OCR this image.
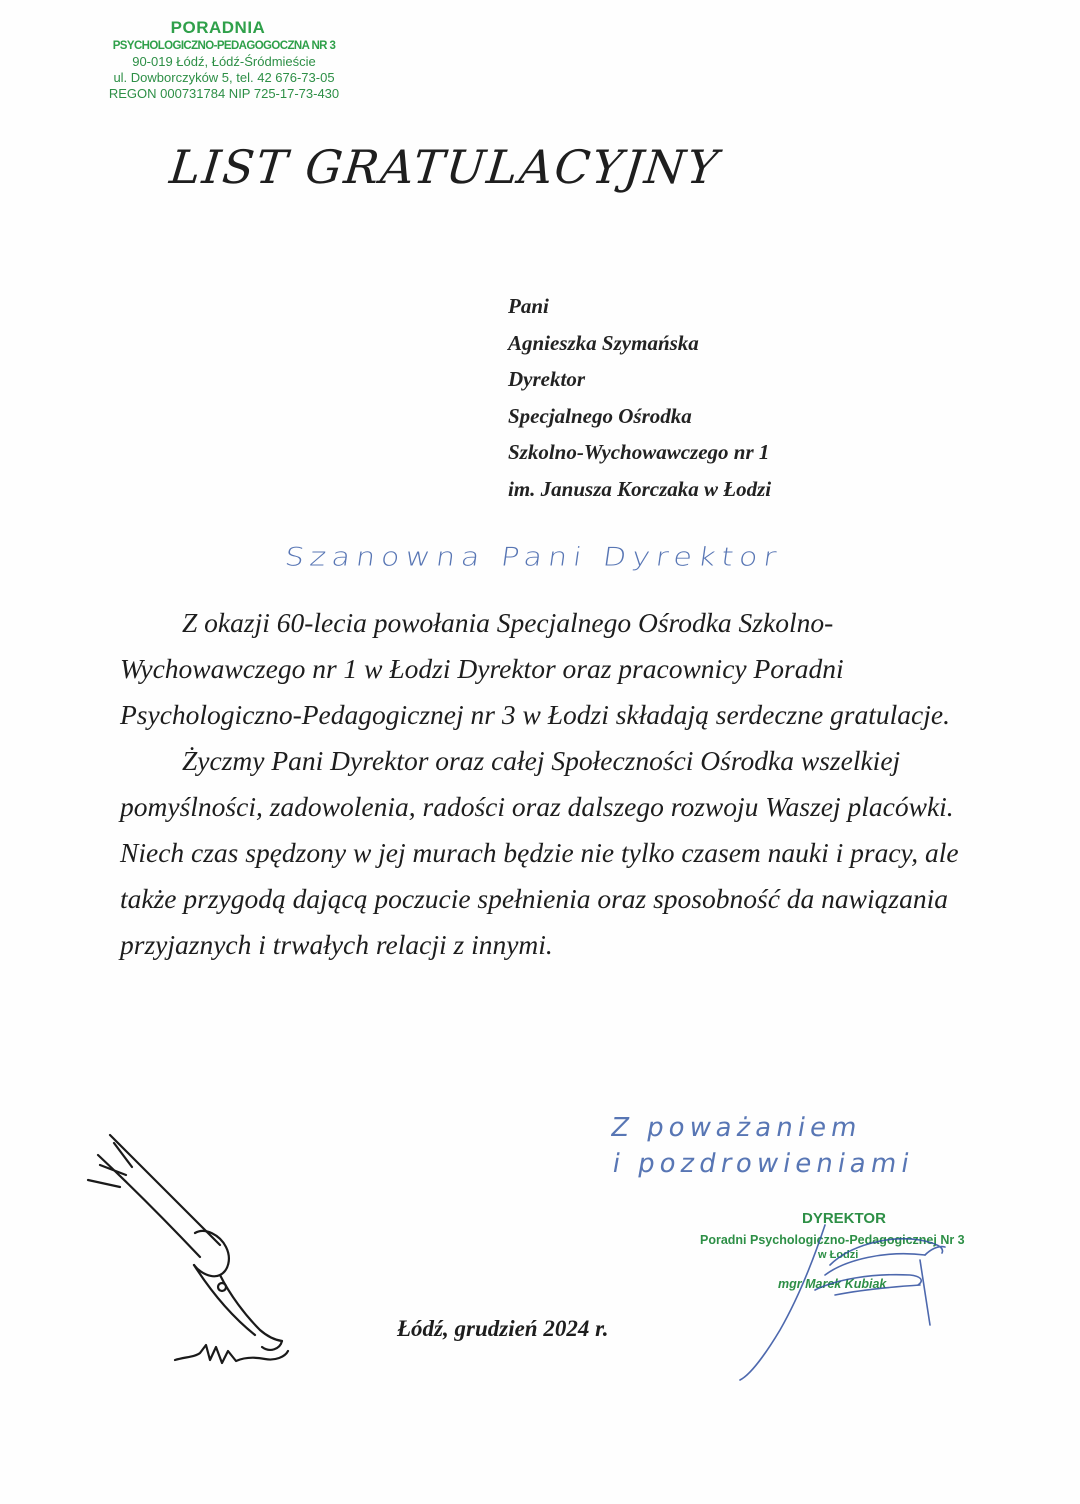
PORADNIA
PSYCHOLOGICZNO-PEDAGOGOCZNA NR 3
90-019 Łódź, Łódź-Śródmieście
ul. Dowborczyków 5, tel. 42 676-73-05
REGON 000731784 NIP 725-17-73-430
LIST GRATULACYJNY
Pani
Agnieszka Szymańska
Dyrektor
Specjalnego Ośrodka
Szkolno-Wychowawczego nr 1
im. Janusza Korczaka w Łodzi
Szanowna Pani Dyrektor

Z okazji 60-lecia powołania Specjalnego Ośrodka Szkolno-Wychowawczego nr 1 w Łodzi Dyrektor oraz pracownicy Poradni Psychologiczno-Pedagogicznej nr 3 w Łodzi składają serdeczne gratulacje.

Życzmy Pani Dyrektor oraz całej Społeczności Ośrodka wszelkiej pomyślności, zadowolenia, radości oraz dalszego rozwoju Waszej placówki. Niech czas spędzony w jej murach będzie nie tylko czasem nauki i pracy, ale także przygodą dającą poczucie spełnienia oraz sposobność da nawiązania przyjaznych i trwałych relacji z innymi.

Z poważaniem
i pozdrowieniami
DYREKTOR
Poradni Psychologiczno-Pedagogicznej Nr 3
w Łodzi
mgr Marek Kubiak
Łódź, grudzień 2024 r.
